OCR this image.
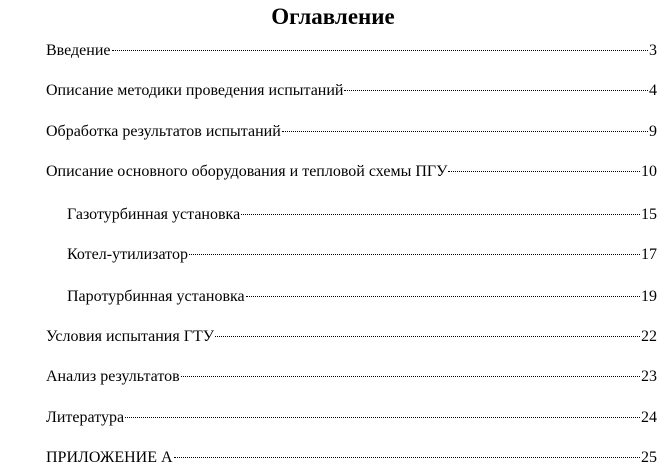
Оглавление
Введение	3
Описание методики проведения испытаний	4
Обработка результатов испытаний	9
Описание основного оборудования и тепловой схемы ПГУ	10
Газотурбинная установка	15
Котел-утилизатор	17
Паротурбинная установка	19
Условия испытания ГТУ	22
Анализ результатов	23
Литература	24
ПРИЛОЖЕНИЕ А	25
